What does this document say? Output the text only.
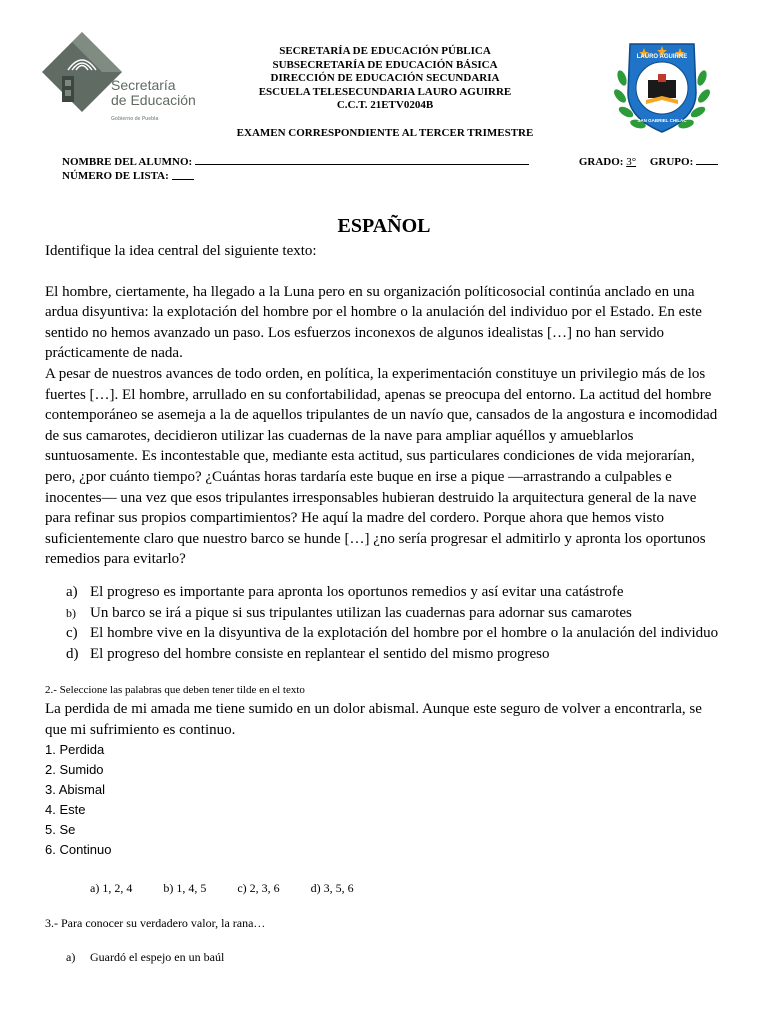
Secretaría
de Educación
Gobierno de Puebla
SECRETARÍA DE EDUCACIÓN PÚBLICA
SUBSECRETARÍA DE EDUCACIÓN BÁSICA
DIRECCIÓN DE EDUCACIÓN SECUNDARIA
ESCUELA TELESECUNDARIA LAURO AGUIRRE
C.C.T. 21ETV0204B
LAURO AGUIRRE
SAN GABRIEL CHILAC
EXAMEN CORRESPONDIENTE AL TERCER TRIMESTRE
NOMBRE DEL ALUMNO:	GRADO: 3° GRUPO:
NÚMERO DE LISTA:

ESPAÑOL

Identifique la idea central del siguiente texto:

El hombre, ciertamente, ha llegado a la Luna pero en su organización políticosocial continúa anclado en una ardua disyuntiva: la explotación del hombre por el hombre o la anulación del individuo por el Estado. En este sentido no hemos avanzado un paso. Los esfuerzos inconexos de algunos idealistas […] no han servido prácticamente de nada.

A pesar de nuestros avances de todo orden, en política, la experimentación constituye un privilegio más de los fuertes […]. El hombre, arrullado en su confortabilidad, apenas se preocupa del entorno. La actitud del hombre contemporáneo se asemeja a la de aquellos tripulantes de un navío que, cansados de la angostura e incomodidad de sus camarotes, decidieron utilizar las cuadernas de la nave para ampliar aquéllos y amueblarlos suntuosamente. Es incontestable que, mediante esta actitud, sus particulares condiciones de vida mejorarían, pero, ¿por cuánto tiempo? ¿Cuántas horas tardaría este buque en irse a pique —arrastrando a culpables e inocentes— una vez que esos tripulantes irresponsables hubieran destruido la arquitectura general de la nave para refinar sus propios compartimientos? He aquí la madre del cordero. Porque ahora que hemos visto suficientemente claro que nuestro barco se hunde […] ¿no sería progresar el admitirlo y apronta los oportunos remedios para evitarlo?

a) El progreso es importante para apronta los oportunos remedios y así evitar una catástrofe
b) Un barco se irá a pique si sus tripulantes utilizan las cuadernas para adornar sus camarotes
c) El hombre vive en la disyuntiva de la explotación del hombre por el hombre o la anulación del individuo
d) El progreso del hombre consiste en replantear el sentido del mismo progreso
2.- Seleccione las palabras que deben tener tilde en el texto
La perdida de mi amada me tiene sumido en un dolor abismal. Aunque este seguro de volver a encontrarla, se que mi sufrimiento es continuo.
1. Perdida
2. Sumido
3. Abismal
4. Este
5. Se
6. Continuo
a) 1, 2, 4	b) 1, 4, 5	c) 2, 3, 6	d) 3, 5, 6
3.- Para conocer su verdadero valor, la rana…
a) Guardó el espejo en un baúl
